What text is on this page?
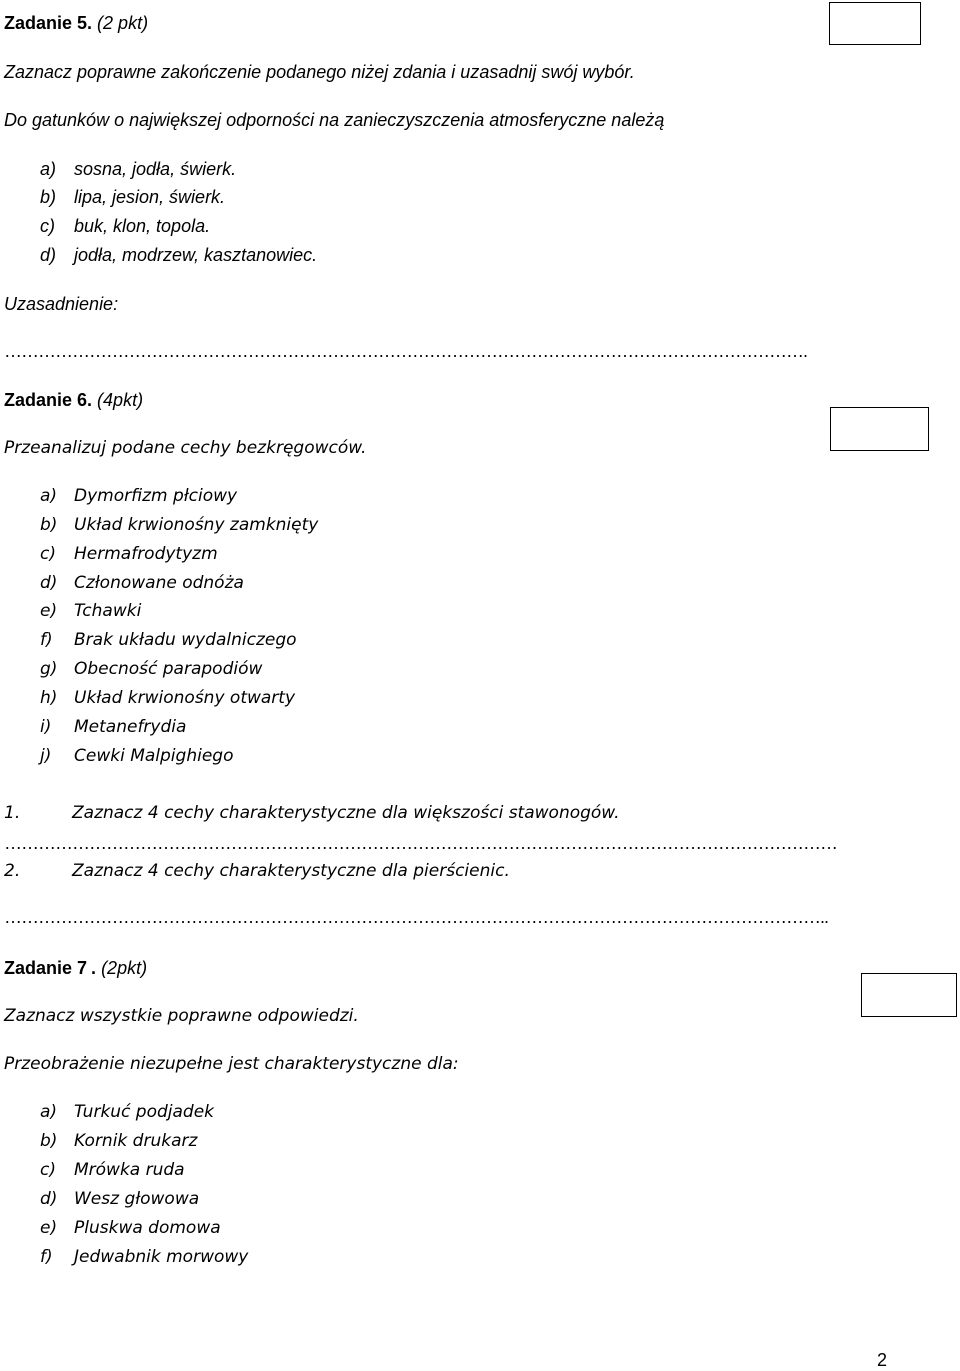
Zadanie 5. (2 pkt)
Zaznacz poprawne zakończenie podanego niżej zdania i uzasadnij swój wybór.
Do gatunków o największej odporności na zanieczyszczenia atmosferyczne należą
a) sosna, jodła, świerk.
b) lipa, jesion, świerk.
c) buk, klon, topola.
d) jodła, modrzew, kasztanowiec.
Uzasadnienie:
…………………………………………………………………………………………………………………………….
Zadanie 6. (4pkt)
Przeanalizuj podane cechy bezkręgowców.
a) Dymorfizm płciowy
b) Układ krwionośny zamknięty
c) Hermafrodytyzm
d) Członowane odnóża
e) Tchawki
f) Brak układu wydalniczego
g) Obecność parapodiów
h) Układ krwionośny otwarty
i) Metanefrydia
j) Cewki Malpighiego
1.	Zaznacz 4 cechy charakterystyczne dla większości stawonogów.
…………………………………………………………………………………………………………………………………
2.	Zaznacz 4 cechy charakterystyczne dla pierścienic.
………………………………………………………………………………………………………………………………..
Zadanie 7 . (2pkt)
Zaznacz wszystkie poprawne odpowiedzi.
Przeobrażenie niezupełne jest charakterystyczne dla:
a) Turkuć podjadek
b) Kornik drukarz
c) Mrówka ruda
d) Wesz głowowa
e) Pluskwa domowa
f) Jedwabnik morwowy
2
